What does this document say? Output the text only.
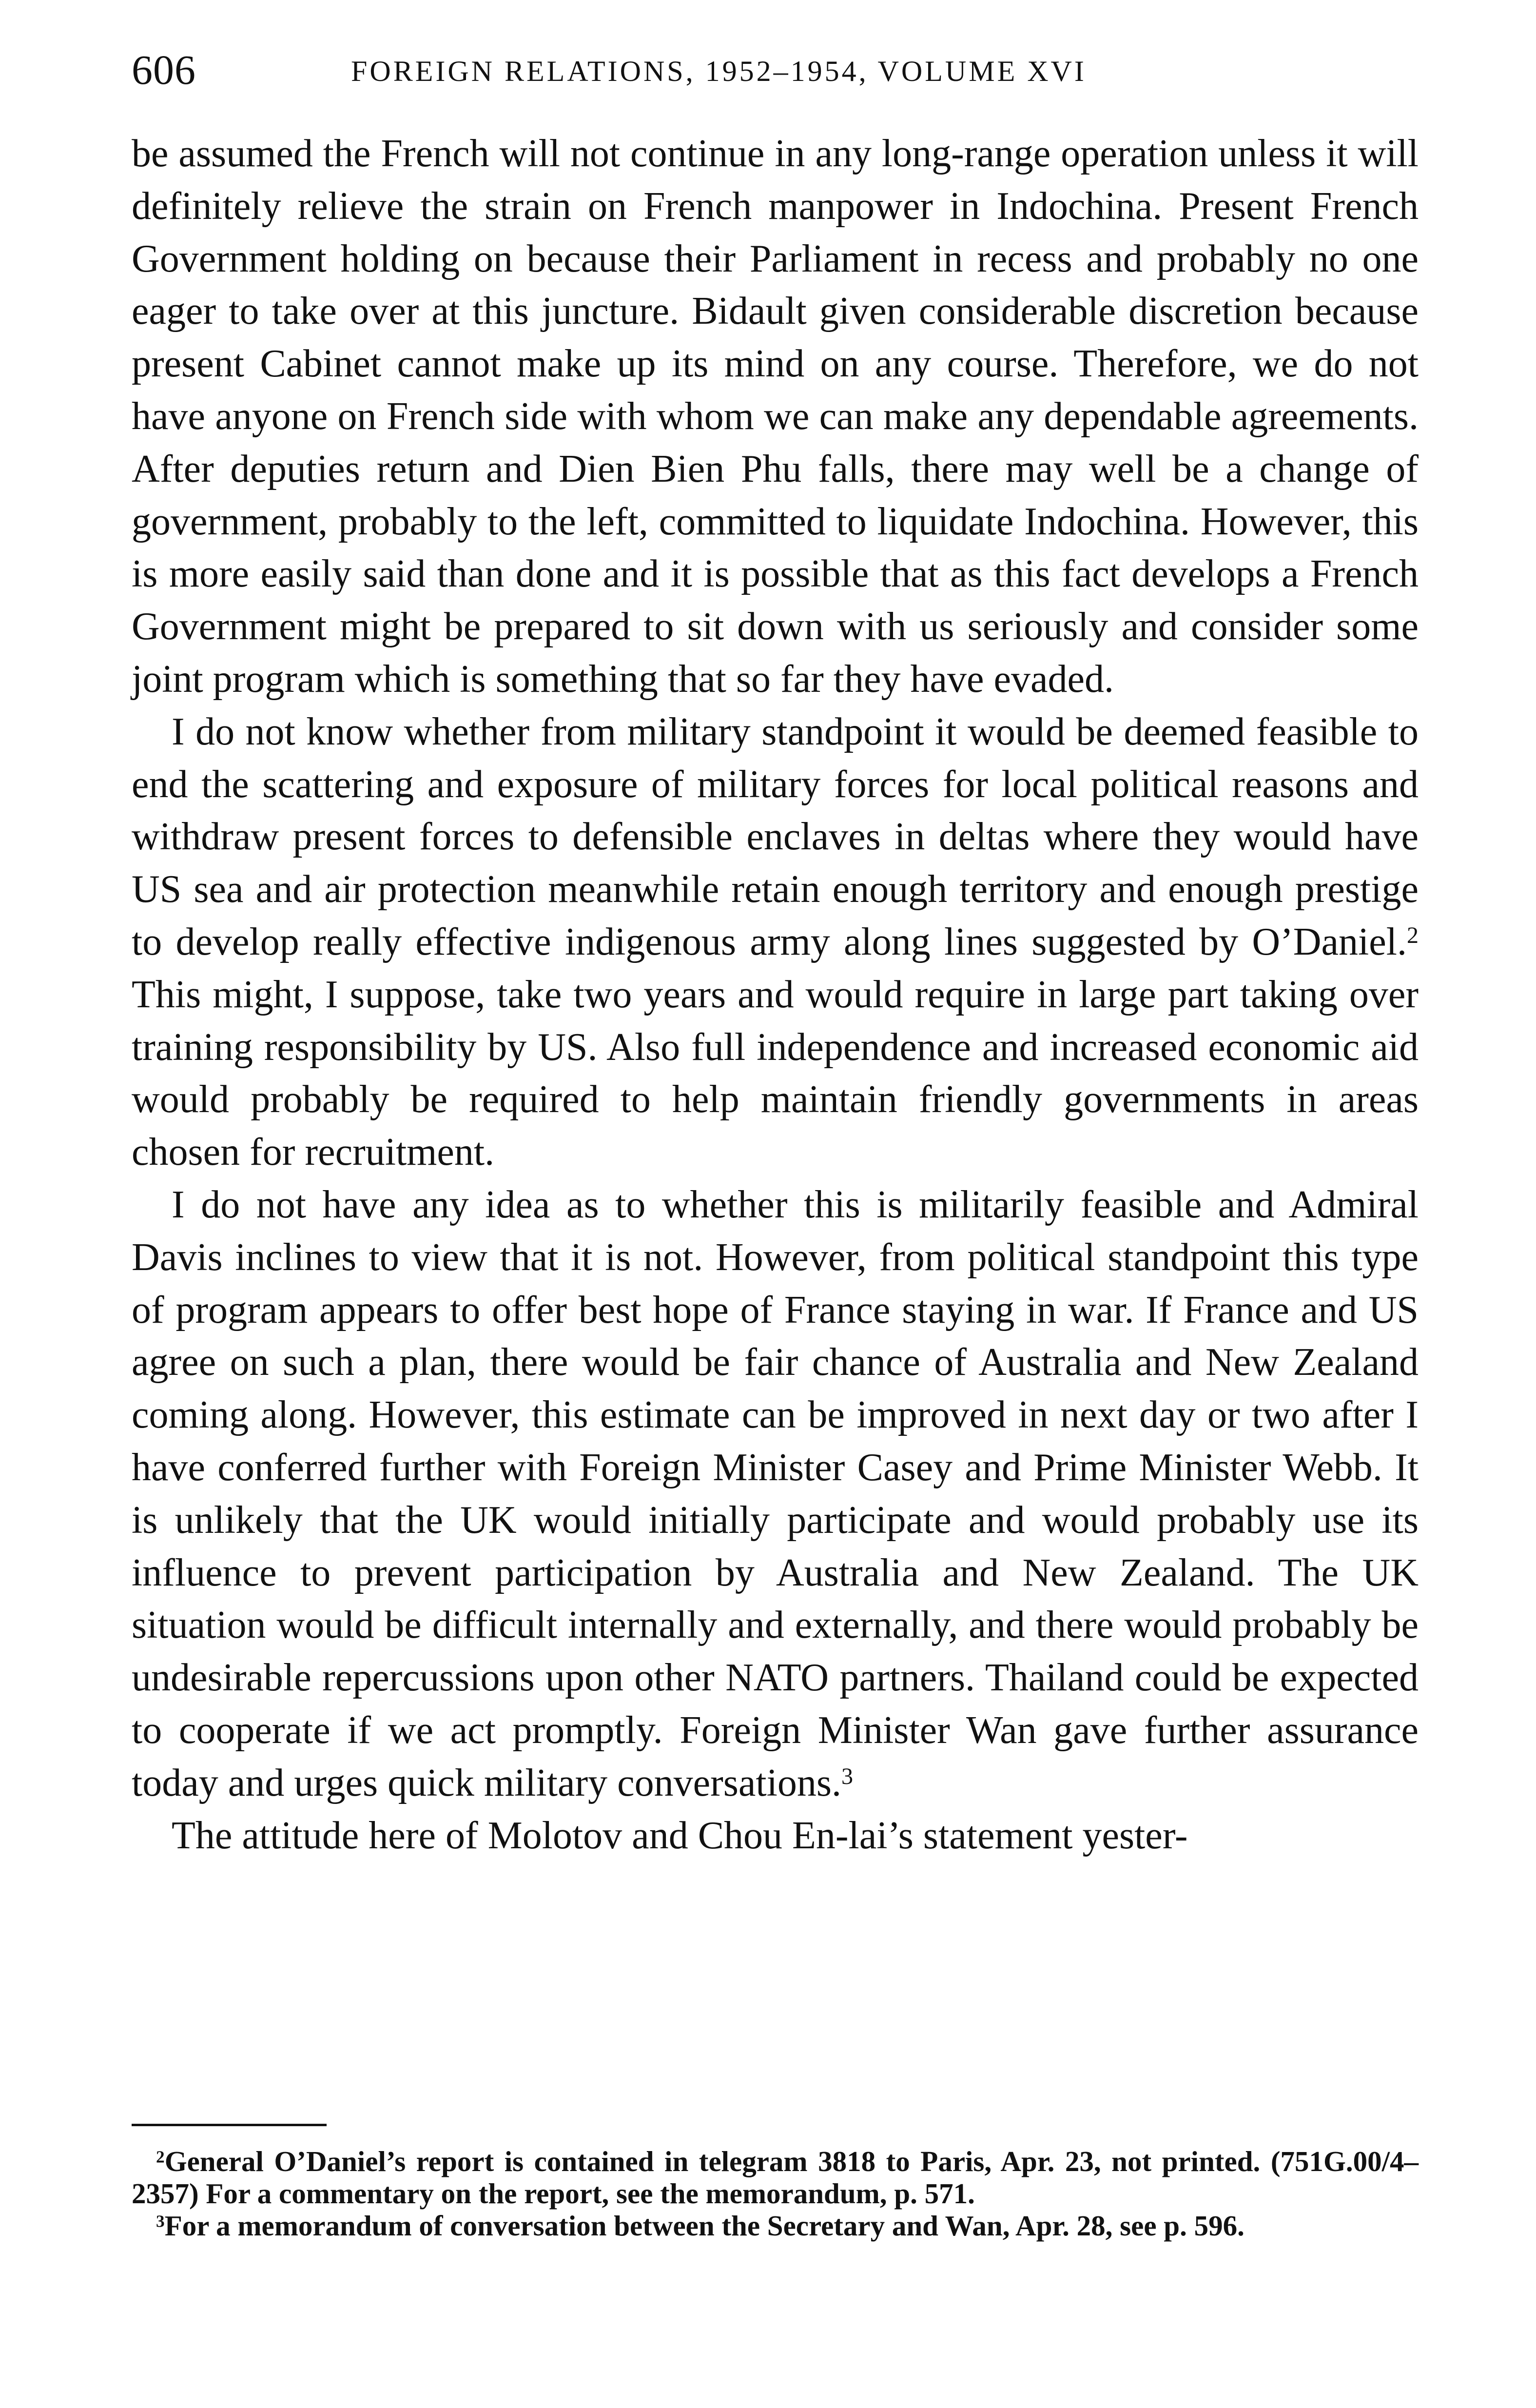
606	FOREIGN RELATIONS, 1952–1954, VOLUME XVI

be assumed the French will not continue in any long-range operation unless it will definitely relieve the strain on French manpower in Indochina. Present French Government holding on because their Parliament in recess and probably no one eager to take over at this juncture. Bidault given considerable discretion because present Cabinet cannot make up its mind on any course. Therefore, we do not have anyone on French side with whom we can make any dependable agreements. After deputies return and Dien Bien Phu falls, there may well be a change of government, probably to the left, committed to liquidate Indochina. However, this is more easily said than done and it is possible that as this fact develops a French Government might be prepared to sit down with us seriously and consider some joint program which is something that so far they have evaded.

I do not know whether from military standpoint it would be deemed feasible to end the scattering and exposure of military forces for local political reasons and withdraw present forces to defensible enclaves in deltas where they would have US sea and air protection meanwhile retain enough territory and enough prestige to develop really effective indigenous army along lines suggested by O’Daniel.$^2$ This might, I suppose, take two years and would require in large part taking over training responsibility by US. Also full independence and increased economic aid would probably be required to help maintain friendly governments in areas chosen for recruitment.

I do not have any idea as to whether this is militarily feasible and Admiral Davis inclines to view that it is not. However, from political standpoint this type of program appears to offer best hope of France staying in war. If France and US agree on such a plan, there would be fair chance of Australia and New Zealand coming along. However, this estimate can be improved in next day or two after I have conferred further with Foreign Minister Casey and Prime Minister Webb. It is unlikely that the UK would initially participate and would probably use its influence to prevent participation by Australia and New Zealand. The UK situation would be difficult internally and externally, and there would probably be undesirable repercussions upon other NATO partners. Thailand could be expected to cooperate if we act promptly. Foreign Minister Wan gave further assurance today and urges quick military conversations.$^3$

The attitude here of Molotov and Chou En-lai’s statement yester-

$^2$General O’Daniel’s report is contained in telegram 3818 to Paris, Apr. 23, not printed. (751G.00/4–2357) For a commentary on the report, see the memorandum, p. 571.

$^3$For a memorandum of conversation between the Secretary and Wan, Apr. 28, see p. 596.
